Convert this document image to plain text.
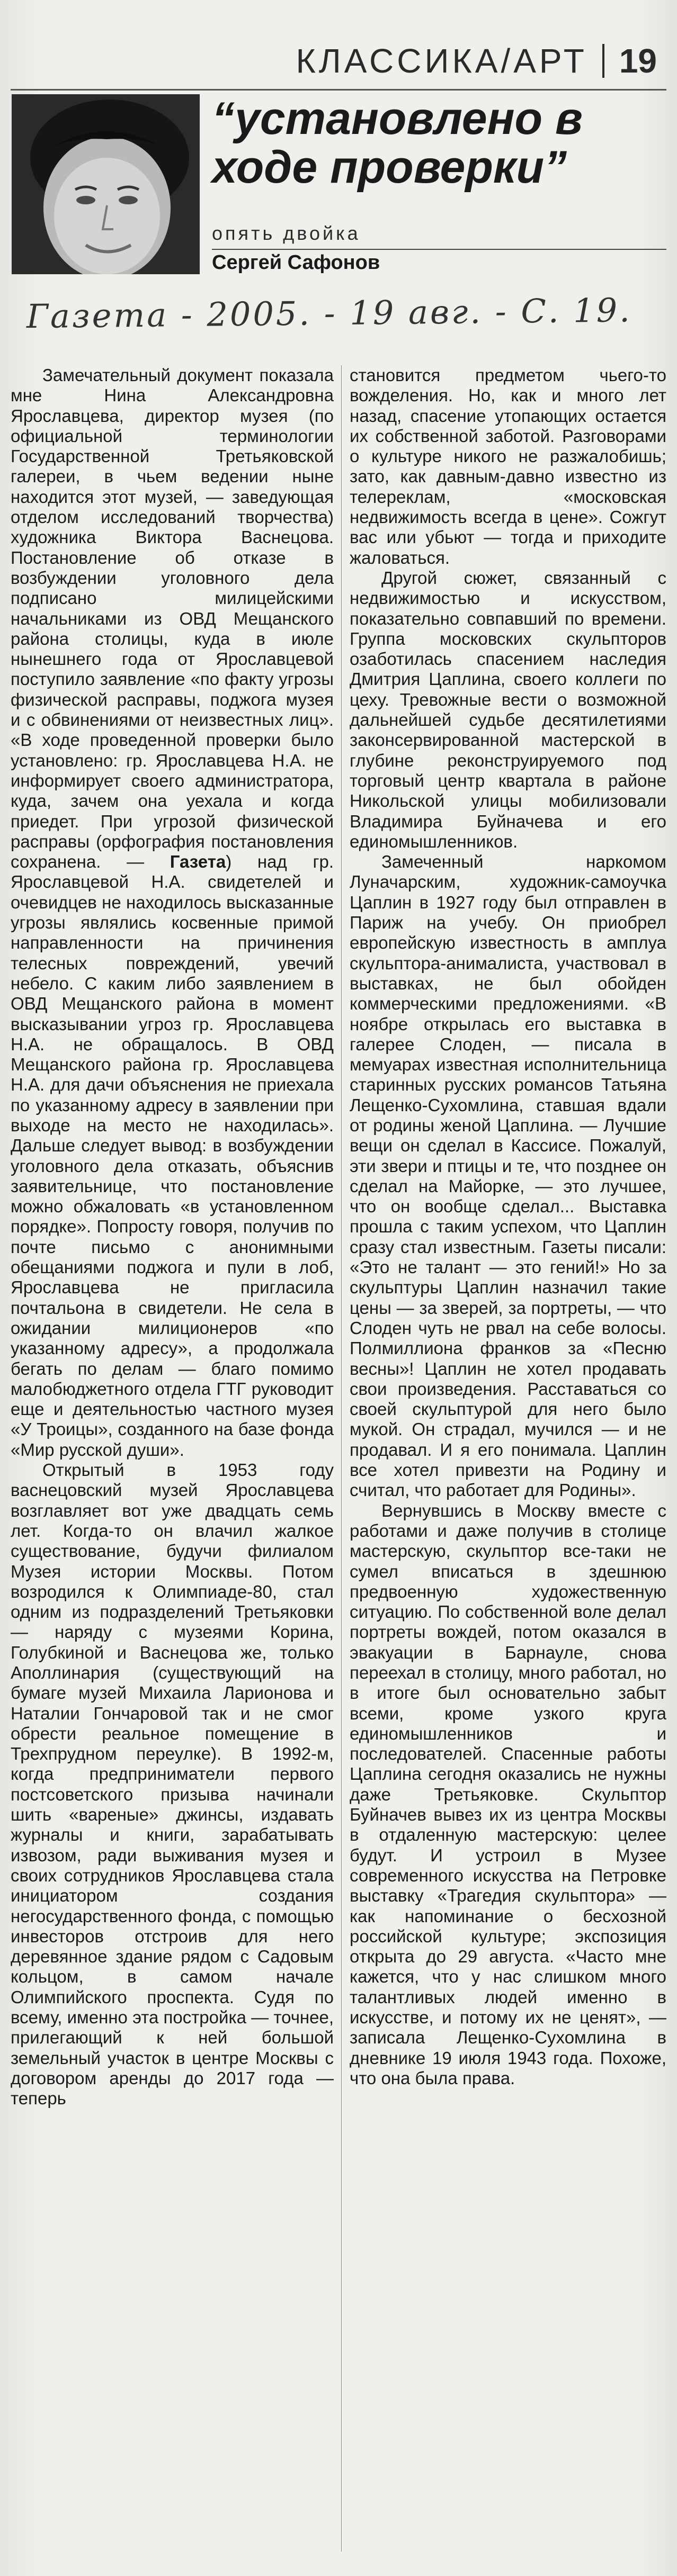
КЛАССИКА/АРТ 19
“установлено в ходе проверки”
опять двойка
Сергей Сафонов
Газета - 2005. - 19 авг. - С. 19.

Замечательный документ показала мне Нина Александровна Ярославцева, директор музея (по официальной терминологии Государственной Третьяковской галереи, в чьем ведении ныне находится этот музей, — заведующая отделом исследований творчества) художника Виктора Васнецова. Постановление об отказе в возбуждении уголовного дела подписано милицейскими начальниками из ОВД Мещанского района столицы, куда в июле нынешнего года от Ярославцевой поступило заявление «по факту угрозы физической расправы, поджога музея и с обвинениями от неизвестных лиц». «В ходе проведенной проверки было установлено: гр. Ярославцева Н.А. не информирует своего администратора, куда, зачем она уехала и когда приедет. При угрозой физической расправы (орфография постановления сохранена. — Газета) над гр. Ярославцевой Н.А. свидетелей и очевидцев не находилось высказанные угрозы являлись косвенные примой направленности на причинения телесных повреждений, увечий небело. С каким либо заявлением в ОВД Мещанского района в момент высказывании угроз гр. Ярославцева Н.А. не обращалось. В ОВД Мещанского района гр. Ярославцева Н.А. для дачи объяснения не приехала по указанному адресу в заявлении при выходе на место не находилась». Дальше следует вывод: в возбуждении уголовного дела отказать, объяснив заявительнице, что постановление можно обжаловать «в установленном порядке». Попросту говоря, получив по почте письмо с анонимными обещаниями поджога и пули в лоб, Ярославцева не пригласила почтальона в свидетели. Не села в ожидании милиционеров «по указанному адресу», а продолжала бегать по делам — благо помимо малобюджетного отдела ГТГ руководит еще и деятельностью частного музея «У Троицы», созданного на базе фонда «Мир русской души».

Открытый в 1953 году васнецовский музей Ярославцева возглавляет вот уже двадцать семь лет. Когда-то он влачил жалкое существование, будучи филиалом Музея истории Москвы. Потом возродился к Олимпиаде-80, стал одним из подразделений Третьяковки — наряду с музеями Корина, Голубкиной и Васнецова же, только Аполлинария (существующий на бумаге музей Михаила Ларионова и Наталии Гончаровой так и не смог обрести реальное помещение в Трехпрудном переулке). В 1992-м, когда предприниматели первого постсоветского призыва начинали шить «вареные» джинсы, издавать журналы и книги, зарабатывать извозом, ради выживания музея и своих сотрудников Ярославцева стала инициатором создания негосударственного фонда, с помощью инвесторов отстроив для него деревянное здание рядом с Садовым кольцом, в самом начале Олимпийского проспекта. Судя по всему, именно эта постройка — точнее, прилегающий к ней большой земельный участок в центре Москвы с договором аренды до 2017 года — теперь

становится предметом чьего-то вожделения. Но, как и много лет назад, спасение утопающих остается их собственной заботой. Разговорами о культуре никого не разжалобишь; зато, как давным-давно известно из телереклам, «московская недвижимость всегда в цене». Сожгут вас или убьют — тогда и приходите жаловаться.

Другой сюжет, связанный с недвижимостью и искусством, показательно совпавший по времени. Группа московских скульпторов озаботилась спасением наследия Дмитрия Цаплина, своего коллеги по цеху. Тревожные вести о возможной дальнейшей судьбе десятилетиями законсервированной мастерской в глубине реконструируемого под торговый центр квартала в районе Никольской улицы мобилизовали Владимира Буйначева и его единомышленников.

Замеченный наркомом Луначарским, художник-самоучка Цаплин в 1927 году был отправлен в Париж на учебу. Он приобрел европейскую известность в амплуа скульптора-анималиста, участвовал в выставках, не был обойден коммерческими предложениями. «В ноябре открылась его выставка в галерее Слоден, — писала в мемуарах известная исполнительница старинных русских романсов Татьяна Лещенко-Сухомлина, ставшая вдали от родины женой Цаплина. — Лучшие вещи он сделал в Кассисе. Пожалуй, эти звери и птицы и те, что позднее он сделал на Майорке, — это лучшее, что он вообще сделал... Выставка прошла с таким успехом, что Цаплин сразу стал известным. Газеты писали: «Это не талант — это гений!» Но за скульптуры Цаплин назначил такие цены — за зверей, за портреты, — что Слоден чуть не рвал на себе волосы. Полмиллиона франков за «Песню весны»! Цаплин не хотел продавать свои произведения. Расставаться со своей скульптурой для него было мукой. Он страдал, мучился — и не продавал. И я его понимала. Цаплин все хотел привезти на Родину и считал, что работает для Родины».

Вернувшись в Москву вместе с работами и даже получив в столице мастерскую, скульптор все-таки не сумел вписаться в здешнюю предвоенную художественную ситуацию. По собственной воле делал портреты вождей, потом оказался в эвакуации в Барнауле, снова переехал в столицу, много работал, но в итоге был основательно забыт всеми, кроме узкого круга единомышленников и последователей. Спасенные работы Цаплина сегодня оказались не нужны даже Третьяковке. Скульптор Буйначев вывез их из центра Москвы в отдаленную мастерскую: целее будут. И устроил в Музее современного искусства на Петровке выставку «Трагедия скульптора» — как напоминание о бесхозной российской культуре; экспозиция открыта до 29 августа. «Часто мне кажется, что у нас слишком много талантливых людей именно в искусстве, и потому их не ценят», — записала Лещенко-Сухомлина в дневнике 19 июля 1943 года. Похоже, что она была права.
